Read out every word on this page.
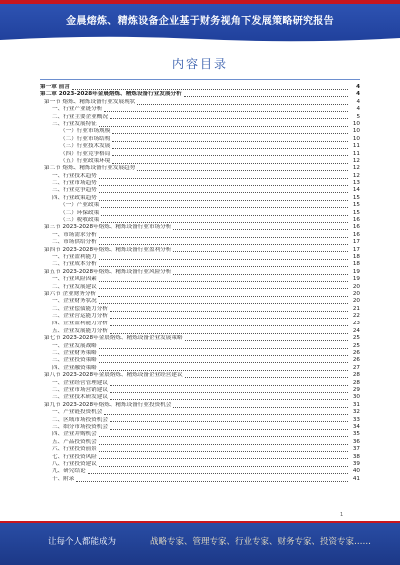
金晨熔炼、精炼设备企业基于财务视角下发展策略研究报告
内容目录
第一章 前言	4
第二章 2023-2028年金晨熔炼、精炼设备行业发展分析	4
第一节 熔炼、精炼设备行业发展现状	4
一、行业产业链分析	4
二、行业主要企业概况	5
三、行业发展特征	10
（一）行业市场规模	10
（二）行业市场结构	10
（三）行业技术发展	11
（四）行业竞争格局	11
（五）行业政策环境	12
第二节 熔炼、精炼设备行业发展趋势	12
一、行业技术趋势	12
二、行业市场趋势	13
三、行业竞争趋势	14
四、行业政策趋势	15
（一）产业政策	15
（二）环保政策	15
（三）税收政策	16
第三节 2023-2028年熔炼、精炼设备行业市场分析	16
一、市场需求分析	16
二、市场供给分析	17
第四节 2023-2028年熔炼、精炼设备行业盈利分析	17
一、行业盈利能力	18
二、行业成本分析	18
第五节 2023-2028年熔炼、精炼设备行业风险分析	19
一、行业风险因素	19
二、行业发展建议	20
第六节 企业财务分析	20
一、企业财务状况	20
二、企业偿债能力分析	21
三、企业营运能力分析	22
四、企业盈利能力分析	23
五、企业发展能力分析	24
第七节 2023-2028年金晨熔炼、精炼设备企业发展策略	25
一、企业发展战略	25
二、企业财务策略	26
三、企业投资策略	26
四、企业融资策略	27
第八节 2023-2028年金晨熔炼、精炼设备企业经营建议	28
一、企业经营管理建议	28
二、企业市场营销建议	29
三、企业技术研发建议	30
第九节 2023-2028年熔炼、精炼设备行业投资机会	31
一、产业链投资机会	32
二、区域市场投资机会	33
三、细分市场投资机会	34
四、企业并购机会	35
五、产品投资机会	36
六、行业投资前景	37
七、行业投资风险	38
八、行业投资建议	39
九、研究结论	40
十、附录	41
1
让每个人都能成为	战略专家、管理专家、行业专家、财务专家、投资专家……
